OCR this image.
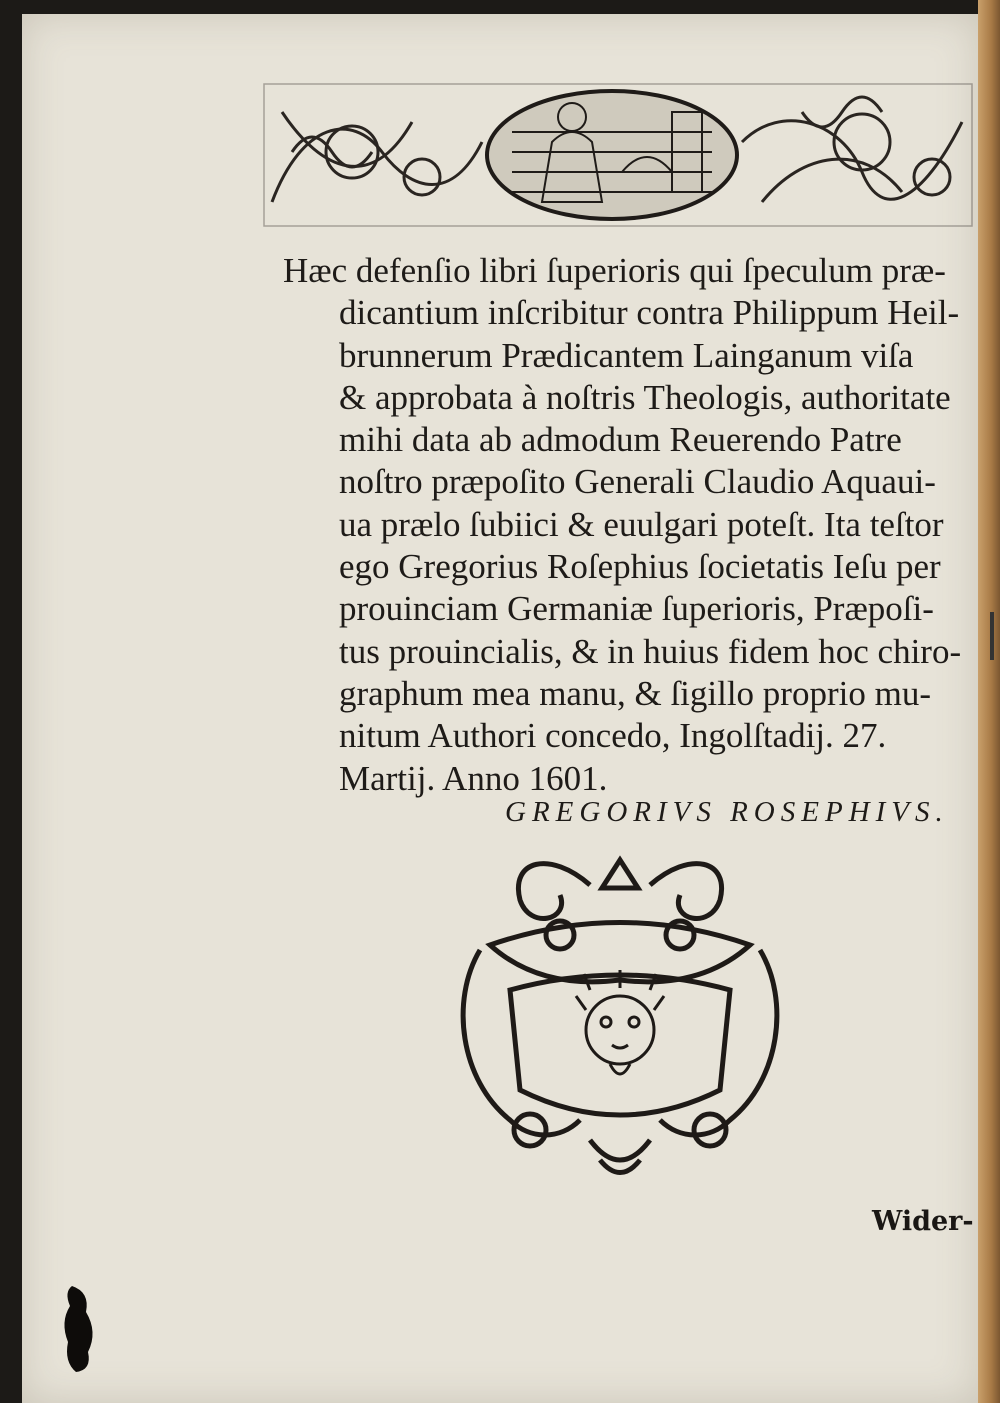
Hæc defenſio libri ſuperioris qui ſpeculum præ-
dicantium inſcribitur contra Philippum Heil-
brunnerum Prædicantem Lainganum viſa
& approbata à noſtris Theologis, authoritate
mihi data ab admodum Reuerendo Patre
noſtro præpoſito Generali Claudio Aquaui-
ua prælo ſubiici & euulgari poteſt. Ita teſtor
ego Gregorius Roſephius ſocietatis Ieſu per
prouinciam Germaniæ ſuperioris, Præpoſi-
tus prouincialis, & in huius fidem hoc chiro-
graphum mea manu, & ſigillo proprio mu-
nitum Authori concedo, Ingolſtadij. 27.
Martij. Anno 1601.

GREGORIVS ROSEPHIVS.
Wider-
